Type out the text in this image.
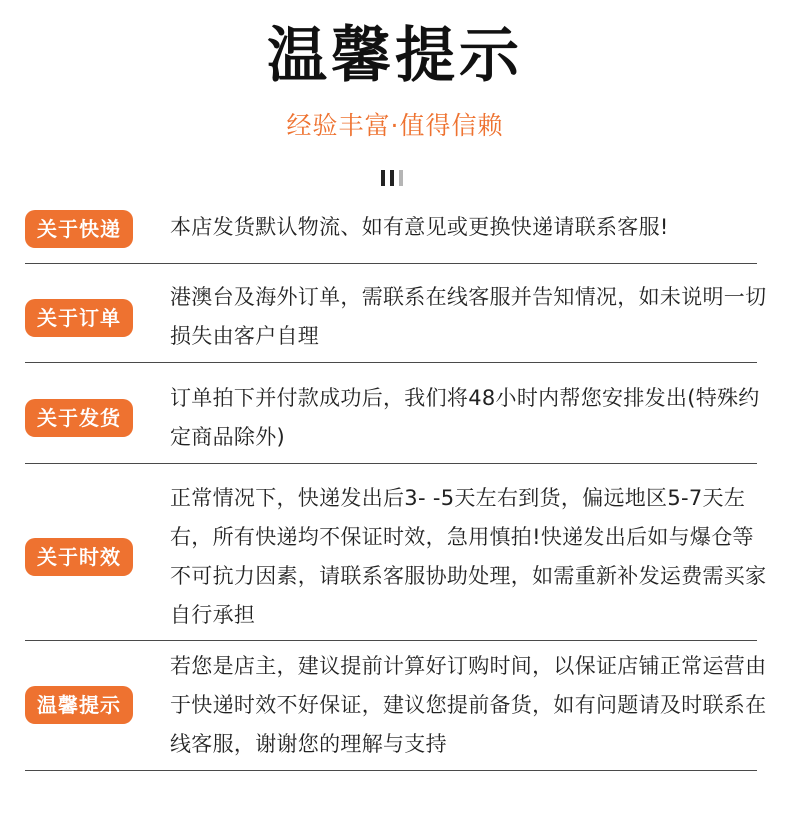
温馨提示
经验丰富·值得信赖
关于快递	本店发货默认物流、如有意见或更换快递请联系客服!
关于订单
港澳台及海外订单，需联系在线客服并告知情况，如未说明一切损失由客户自理
关于发货
订单拍下并付款成功后，我们将48小时内帮您安排发出(特殊约定商品除外)
关于时效
正常情况下，快递发出后3- -5天左右到货，偏远地区5-7天左右，所有快递均不保证时效，急用慎拍!快递发出后如与爆仓等不可抗力因素，请联系客服协助处理，如需重新补发运费需买家自行承担
温馨提示
若您是店主，建议提前计算好订购时间，以保证店铺正常运营由于快递时效不好保证，建议您提前备货，如有问题请及时联系在线客服，谢谢您的理解与支持
